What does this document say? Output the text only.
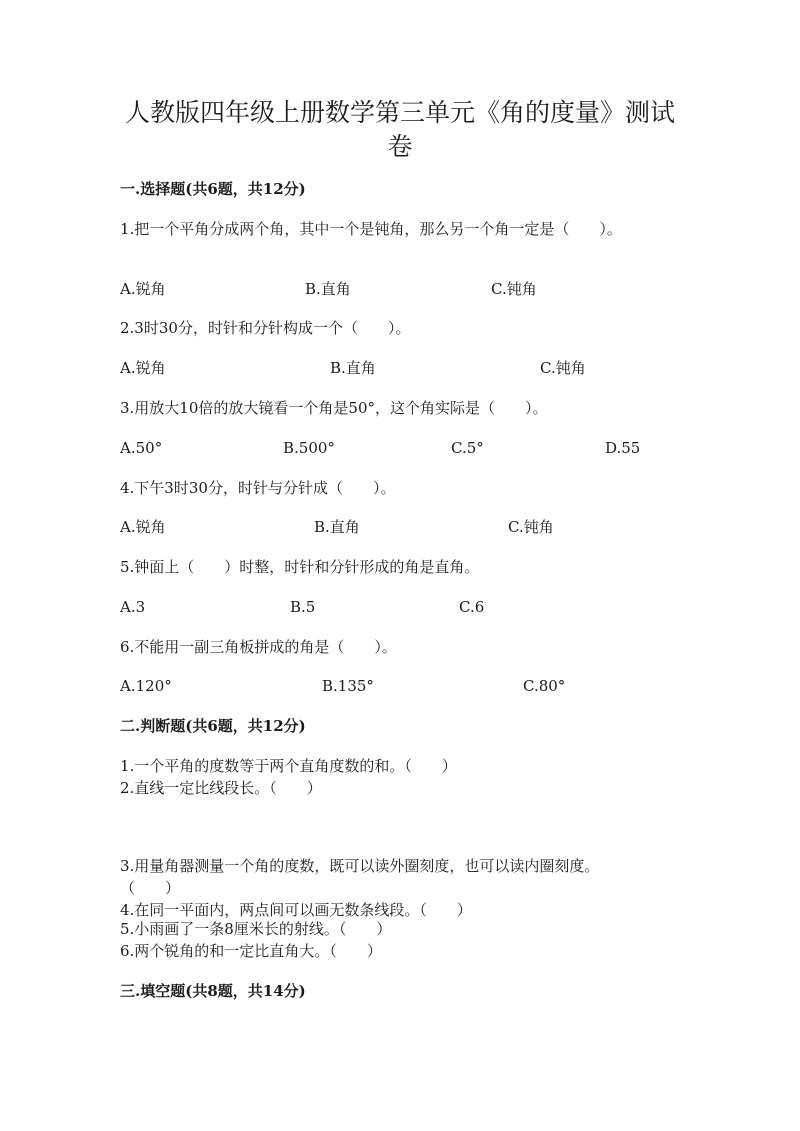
人教版四年级上册数学第三单元《角的度量》测试卷
一.选择题(共6题，共12分)
1.把一个平角分成两个角，其中一个是钝角，那么另一个角一定是（　　）。
A.锐角	B.直角	C.钝角
2.3时30分，时针和分针构成一个（　　）。
A.锐角	B.直角	C.钝角
3.用放大10倍的放大镜看一个角是50°，这个角实际是（　　）。
A.50°	B.500°	C.5°	D.55
4.下午3时30分，时针与分针成（　　）。
A.锐角	B.直角	C.钝角
5.钟面上（　　）时整，时针和分针形成的角是直角。
A.3	B.5	C.6
6.不能用一副三角板拼成的角是（　　）。
A.120°	B.135°	C.80°
二.判断题(共6题，共12分)
1.一个平角的度数等于两个直角度数的和。（　　）
2.直线一定比线段长。（　　）
3.用量角器测量一个角的度数，既可以读外圈刻度，也可以读内圈刻度。
（　　）
4.在同一平面内，两点间可以画无数条线段。（　　）
5.小雨画了一条8厘米长的射线。（　　）
6.两个锐角的和一定比直角大。（　　）
三.填空题(共8题，共14分)
